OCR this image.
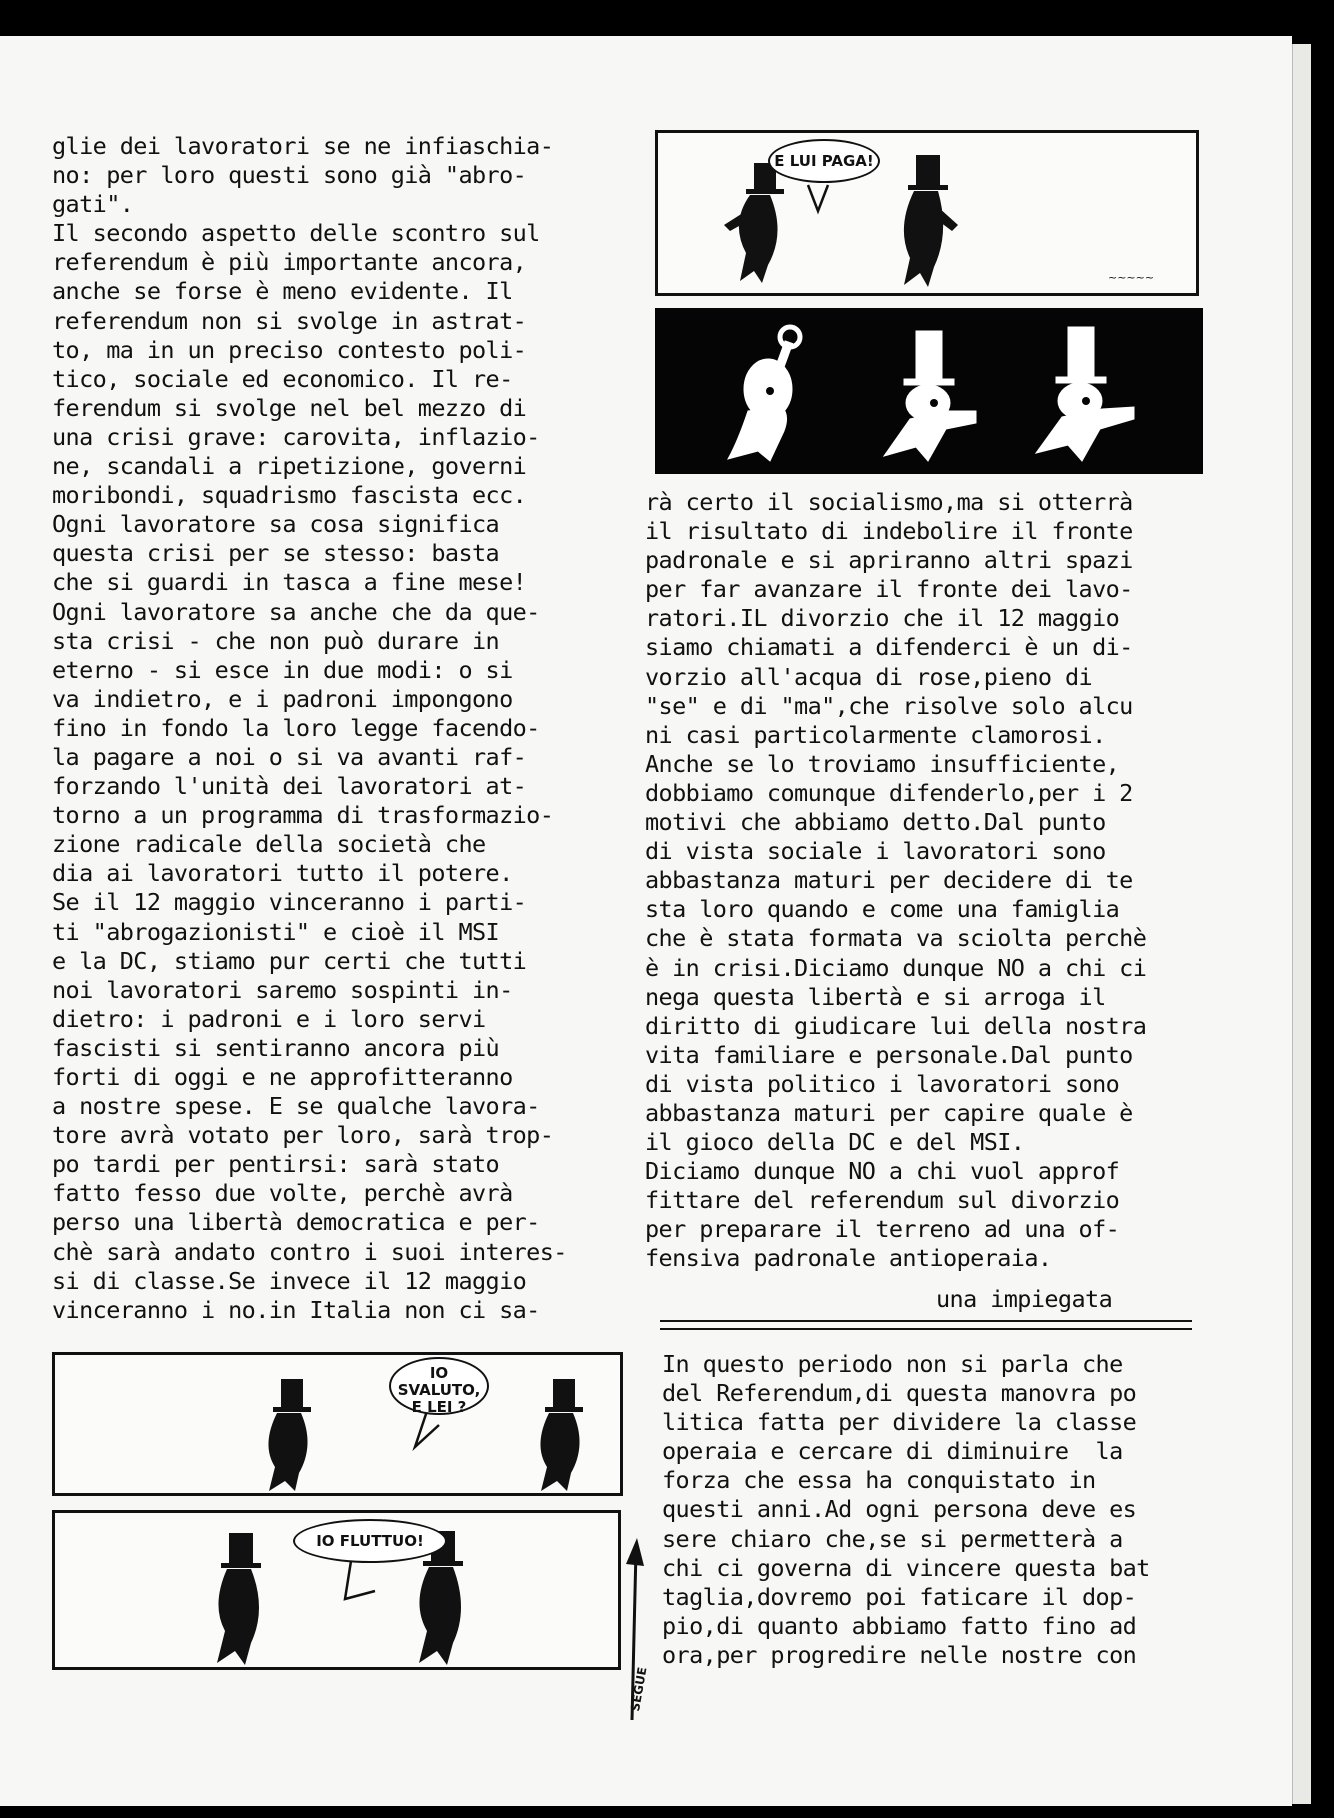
glie dei lavoratori se ne infiaschia-
no: per loro questi sono già "abro-
gati".
Il secondo aspetto delle scontro sul
referendum è più importante ancora,
anche se forse è meno evidente. Il
referendum non si svolge in astrat-
to, ma in un preciso contesto poli-
tico, sociale ed economico. Il re-
ferendum si svolge nel bel mezzo di
una crisi grave: carovita, inflazio-
ne, scandali a ripetizione, governi
moribondi, squadrismo fascista ecc.
Ogni lavoratore sa cosa significa
questa crisi per se stesso: basta
che si guardi in tasca a fine mese!
Ogni lavoratore sa anche che da que-
sta crisi - che non può durare in
eterno - si esce in due modi: o si
va indietro, e i padroni impongono
fino in fondo la loro legge facendo-
la pagare a noi o si va avanti raf-
forzando l'unità dei lavoratori at-
torno a un programma di trasformazio-
zione radicale della società che
dia ai lavoratori tutto il potere.
Se il 12 maggio vinceranno i parti-
ti "abrogazionisti" e cioè il MSI
e la DC, stiamo pur certi che tutti
noi lavoratori saremo sospinti in-
dietro: i padroni e i loro servi
fascisti si sentiranno ancora più
forti di oggi e ne approfitteranno
a nostre spese. E se qualche lavora-
tore avrà votato per loro, sarà trop-
po tardi per pentirsi: sarà stato
fatto fesso due volte, perchè avrà
perso una libertà democratica e per-
chè sarà andato contro i suoi interes-
si di classe.Se invece il 12 maggio
vinceranno i no.in Italia non ci sa-
~~~~~
E LUI PAGA!
rà certo il socialismo,ma si otterrà
il risultato di indebolire il fronte
padronale e si apriranno altri spazi
per far avanzare il fronte dei lavo-
ratori.IL divorzio che il 12 maggio
siamo chiamati a difenderci è un di-
vorzio all'acqua di rose,pieno di
"se" e di "ma",che risolve solo alcu
ni casi particolarmente clamorosi.
Anche se lo troviamo insufficiente,
dobbiamo comunque difenderlo,per i 2
motivi che abbiamo detto.Dal punto
di vista sociale i lavoratori sono
abbastanza maturi per decidere di te
sta loro quando e come una famiglia
che è stata formata va sciolta perchè
è in crisi.Diciamo dunque NO a chi ci
nega questa libertà e si arroga il
diritto di giudicare lui della nostra
vita familiare e personale.Dal punto
di vista politico i lavoratori sono
abbastanza maturi per capire quale è
il gioco della DC e del MSI.
Diciamo dunque NO a chi vuol approf
fittare del referendum sul divorzio
per preparare il terreno ad una of-
fensiva padronale antioperaia.
una impiegata
In questo periodo non si parla che
del Referendum,di questa manovra po
litica fatta per dividere la classe
operaia e cercare di diminuire  la
forza che essa ha conquistato in
questi anni.Ad ogni persona deve es
sere chiaro che,se si permetterà a
chi ci governa di vincere questa bat
taglia,dovremo poi faticare il dop-
pio,di quanto abbiamo fatto fino ad
ora,per progredire nelle nostre con
IO SVALUTO,
E LEI ?
IO FLUTTUO!
SEGUE
